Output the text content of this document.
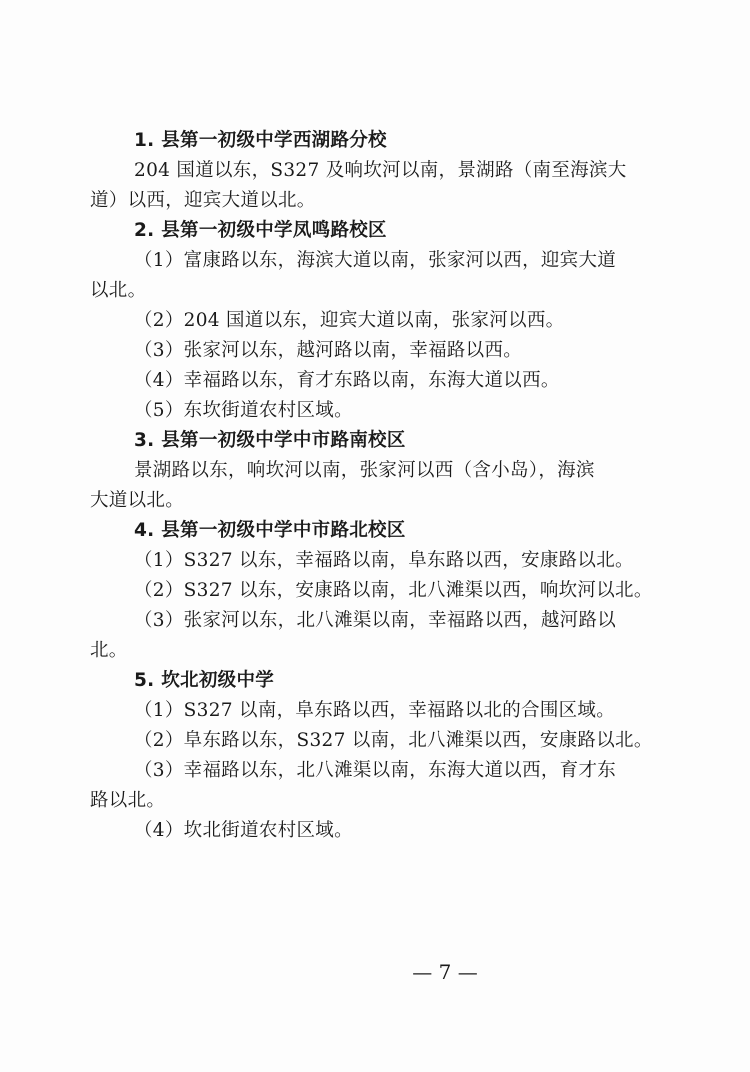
1. 县第一初级中学西湖路分校
204 国道以东，S327 及响坎河以南，景湖路（南至海滨大
道）以西，迎宾大道以北。
2. 县第一初级中学凤鸣路校区
（1）富康路以东，海滨大道以南，张家河以西，迎宾大道
以北。
（2）204 国道以东，迎宾大道以南，张家河以西。
（3）张家河以东，越河路以南，幸福路以西。
（4）幸福路以东，育才东路以南，东海大道以西。
（5）东坎街道农村区域。
3. 县第一初级中学中市路南校区
景湖路以东，响坎河以南，张家河以西（含小岛），海滨
大道以北。
4. 县第一初级中学中市路北校区
（1）S327 以东，幸福路以南，阜东路以西，安康路以北。
（2）S327 以东，安康路以南，北八滩渠以西，响坎河以北。
（3）张家河以东，北八滩渠以南，幸福路以西，越河路以
北。
5. 坎北初级中学
（1）S327 以南，阜东路以西，幸福路以北的合围区域。
（2）阜东路以东，S327 以南，北八滩渠以西，安康路以北。
（3）幸福路以东，北八滩渠以南，东海大道以西，育才东
路以北。
（4）坎北街道农村区域。
— 7 —
